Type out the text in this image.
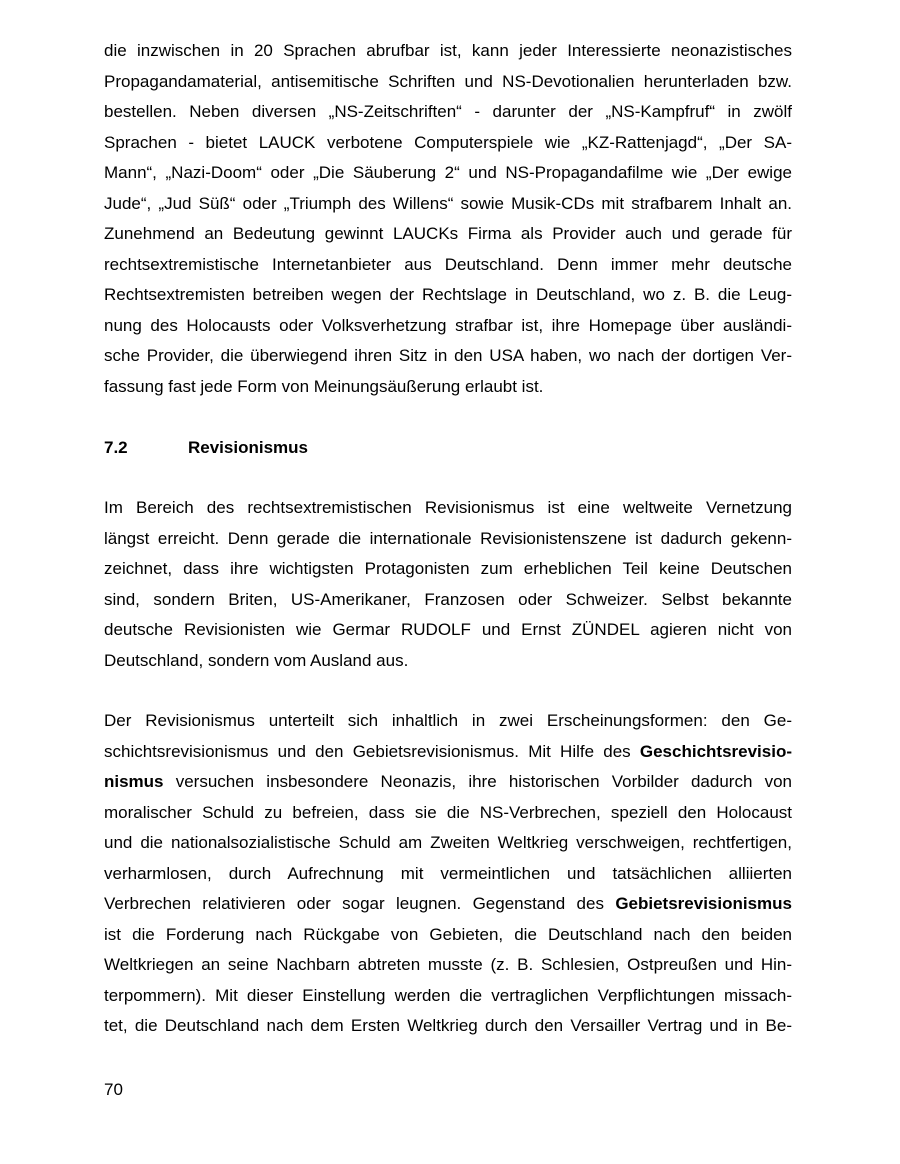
die inzwischen in 20 Sprachen abrufbar ist, kann jeder Interessierte neonazistisches
Propagandamaterial, antisemitische Schriften und NS-Devotionalien herunterladen bzw.
bestellen. Neben diversen „NS-Zeitschriften“ - darunter der „NS-Kampfruf“ in zwölf
Sprachen - bietet LAUCK verbotene Computerspiele wie „KZ-Rattenjagd“, „Der SA-
Mann“, „Nazi-Doom“ oder „Die Säuberung 2“ und NS-Propagandafilme wie „Der ewige
Jude“, „Jud Süß“ oder „Triumph des Willens“ sowie Musik-CDs mit strafbarem Inhalt an.
Zunehmend an Bedeutung gewinnt LAUCKs Firma als Provider auch und gerade für
rechtsextremistische Internetanbieter aus Deutschland. Denn immer mehr deutsche
Rechtsextremisten betreiben wegen der Rechtslage in Deutschland, wo z. B. die Leug-
nung des Holocausts oder Volksverhetzung strafbar ist, ihre Homepage über ausländi-
sche Provider, die überwiegend ihren Sitz in den USA haben, wo nach der dortigen Ver-
fassung fast jede Form von Meinungsäußerung erlaubt ist.
7.2	Revisionismus
Im Bereich des rechtsextremistischen Revisionismus ist eine weltweite Vernetzung
längst erreicht. Denn gerade die internationale Revisionistenszene ist dadurch gekenn-
zeichnet, dass ihre wichtigsten Protagonisten zum erheblichen Teil keine Deutschen
sind, sondern Briten, US-Amerikaner, Franzosen oder Schweizer. Selbst bekannte
deutsche Revisionisten wie Germar RUDOLF und Ernst ZÜNDEL agieren nicht von
Deutschland, sondern vom Ausland aus.
Der Revisionismus unterteilt sich inhaltlich in zwei Erscheinungsformen: den Ge-
schichtsrevisionismus und den Gebietsrevisionismus. Mit Hilfe des Geschichtsrevisio-
nismus versuchen insbesondere Neonazis, ihre historischen Vorbilder dadurch von
moralischer Schuld zu befreien, dass sie die NS-Verbrechen, speziell den Holocaust
und die nationalsozialistische Schuld am Zweiten Weltkrieg verschweigen, rechtfertigen,
verharmlosen, durch Aufrechnung mit vermeintlichen und tatsächlichen alliierten
Verbrechen relativieren oder sogar leugnen. Gegenstand des Gebietsrevisionismus
ist die Forderung nach Rückgabe von Gebieten, die Deutschland nach den beiden
Weltkriegen an seine Nachbarn abtreten musste (z. B. Schlesien, Ostpreußen und Hin-
terpommern). Mit dieser Einstellung werden die vertraglichen Verpflichtungen missach-
tet, die Deutschland nach dem Ersten Weltkrieg durch den Versailler Vertrag und in Be-
70
